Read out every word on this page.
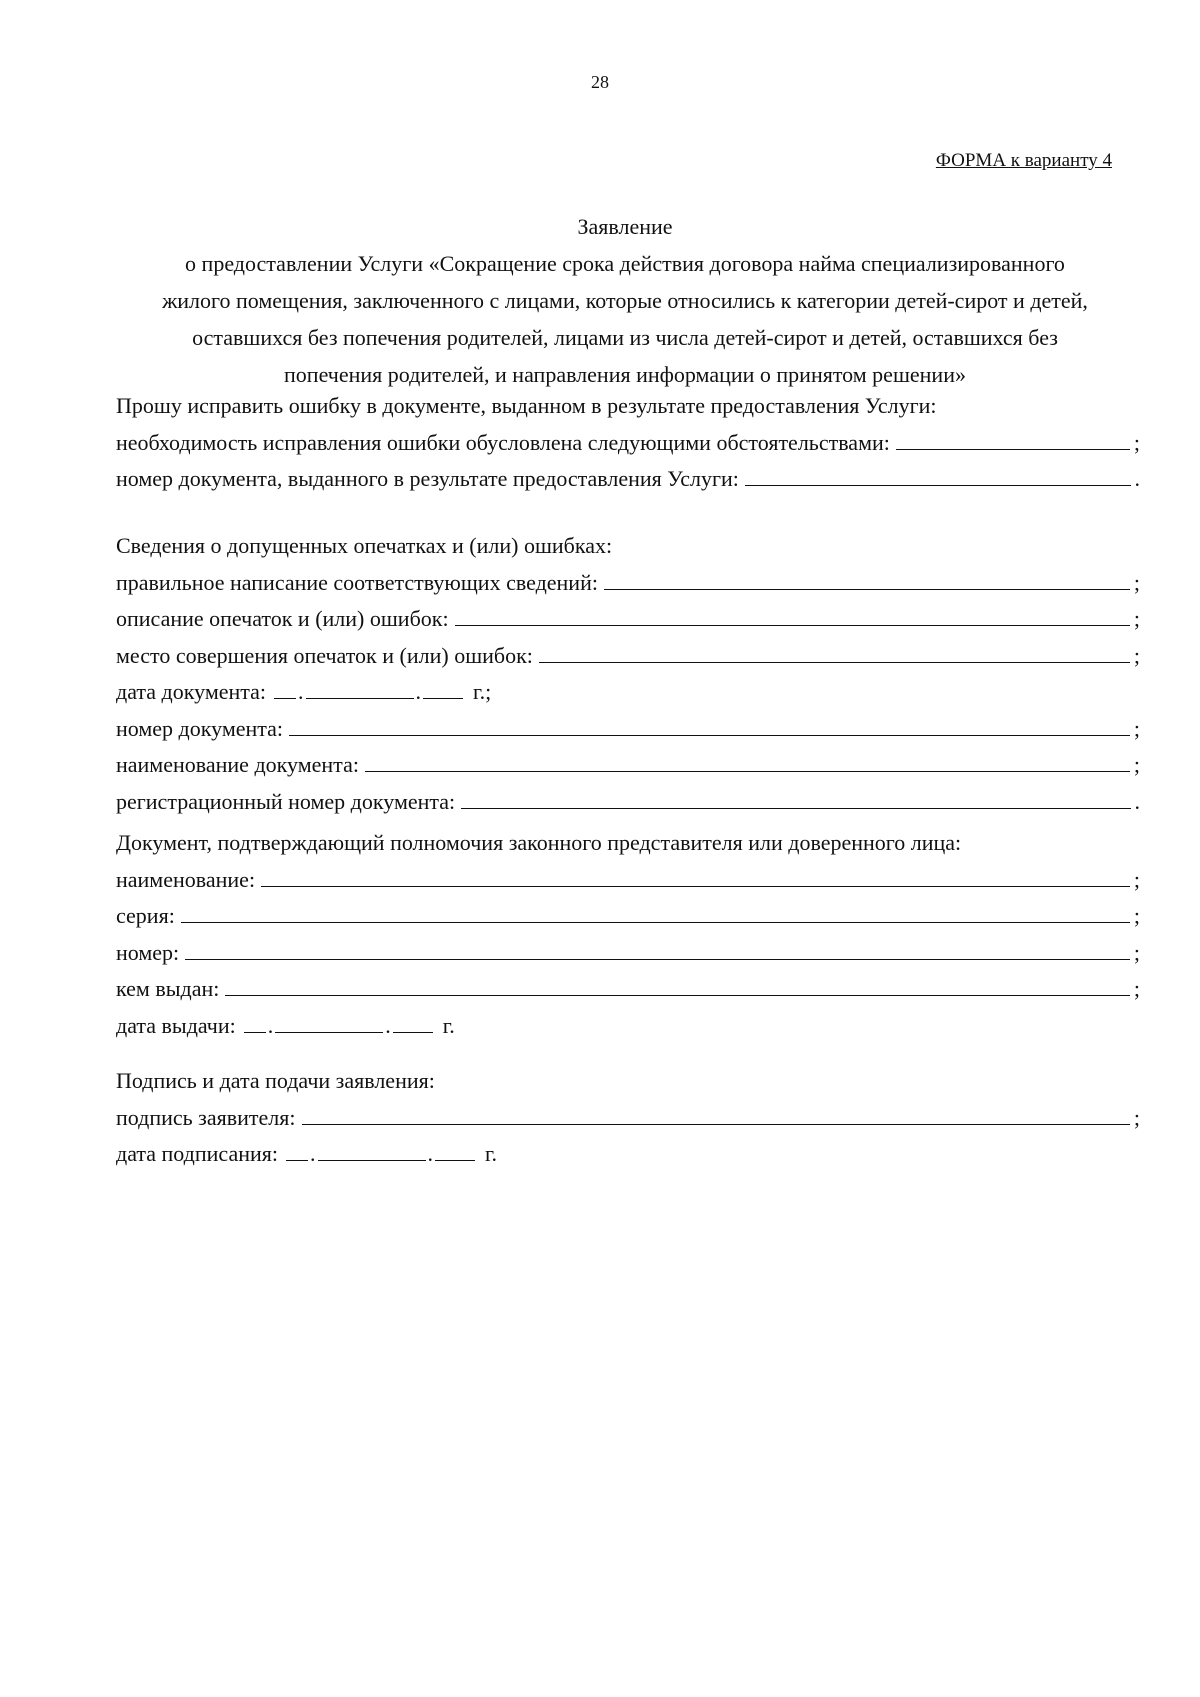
28
ФОРМА к варианту 4
Заявление
о предоставлении Услуги «Сокращение срока действия договора найма специализированного
жилого помещения, заключенного с лицами, которые относились к категории детей-сирот и детей,
оставшихся без попечения родителей, лицами из числа детей-сирот и детей, оставшихся без
попечения родителей, и направления информации о принятом решении»
Прошу исправить ошибку в документе, выданном в результате предоставления Услуги:
необходимость исправления ошибки обусловлена следующими обстоятельствами:	;
номер документа, выданного в результате предоставления Услуги:	.
Сведения о допущенных опечатках и (или) ошибках:
правильное написание соответствующих сведений:	;
описание опечаток и (или) ошибок:	;
место совершения опечаток и (или) ошибок:	;
дата документа: .	.	г.;
номер документа:	;
наименование документа:	;
регистрационный номер документа:	.
Документ, подтверждающий полномочия законного представителя или доверенного лица:
наименование:	;
серия:	;
номер:	;
кем выдан:	;
дата выдачи: .	.	г.
Подпись и дата подачи заявления:
подпись заявителя:	;
дата подписания: .	.	г.
